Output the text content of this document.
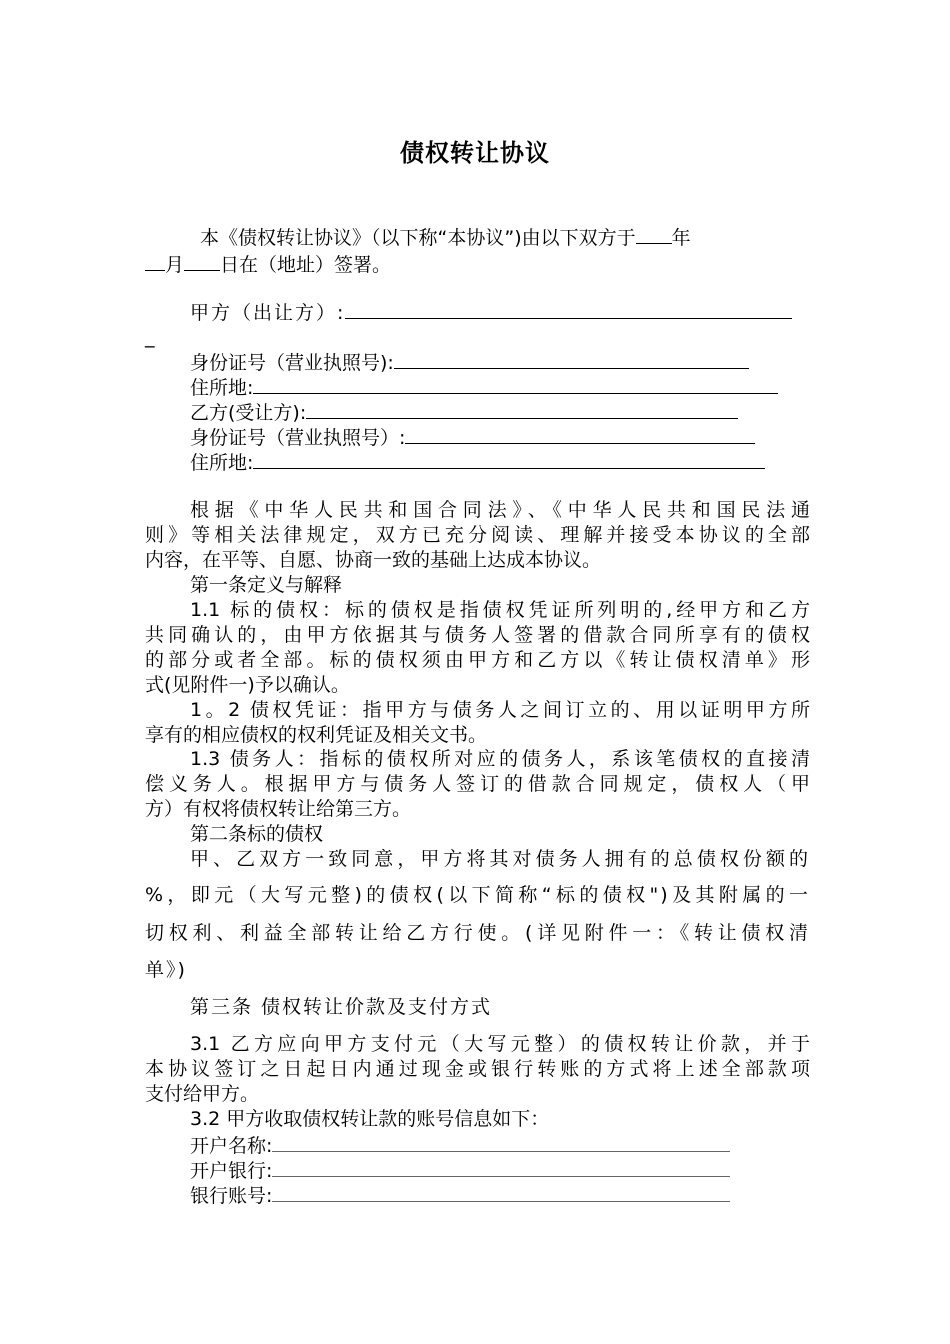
债权转让协议
本《债权转让协议》（以下称“本协议”)由以下双方于 年
月 日在（地址）签署。
甲方（出让方）:
_
身份证号（营业执照号):
住所地:
乙方(受让方):
身份证号（营业执照号）:
住所地:
根据《中华人民共和国合同法》、《中华人民共和国民法通
则》等相关法律规定，双方已充分阅读、理解并接受本协议的全部
内容，在平等、自愿、协商一致的基础上达成本协议。
第一条定义与解释
1.1 标的债权：标的债权是指债权凭证所列明的,经甲方和乙方
共同确认的，由甲方依据其与债务人签署的借款合同所享有的债权
的部分或者全部。标的债权须由甲方和乙方以《转让债权清单》形
式(见附件一)予以确认。
1。2 债权凭证：指甲方与债务人之间订立的、用以证明甲方所
享有的相应债权的权利凭证及相关文书。
1.3 债务人：指标的债权所对应的债务人，系该笔债权的直接清
偿义务人。根据甲方与债务人签订的借款合同规定，债权人（甲
方）有权将债权转让给第三方。
第二条标的债权
甲、乙双方一致同意，甲方将其对债务人拥有的总债权份额的
%，即元（大写元整)的债权(以下简称“标的债权")及其附属的一
切权利、利益全部转让给乙方行使。(详见附件一：《转让债权清
单》)
第三条 债权转让价款及支付方式
3.1 乙方应向甲方支付元（大写元整）的债权转让价款，并于
本协议签订之日起日内通过现金或银行转账的方式将上述全部款项
支付给甲方。
3.2 甲方收取债权转让款的账号信息如下：
开户名称:
开户银行:
银行账号:
